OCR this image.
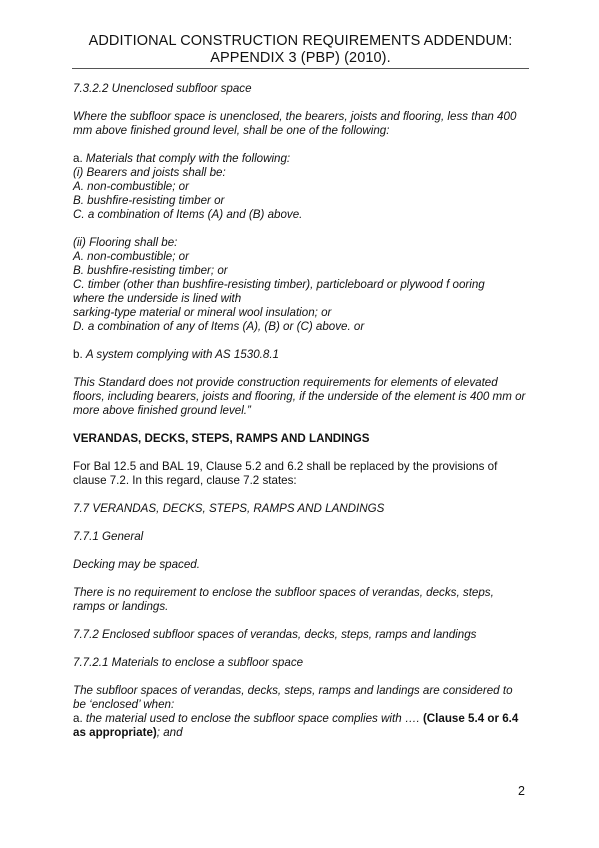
ADDITIONAL CONSTRUCTION REQUIREMENTS ADDENDUM:
APPENDIX 3 (PBP) (2010).

7.3.2.2 Unenclosed subfloor space

Where the subfloor space is unenclosed, the bearers, joists and flooring, less than 400 mm above finished ground level, shall be one of the following:

a. Materials that comply with the following:
(i) Bearers and joists shall be:
A. non-combustible; or
B. bushfire-resisting timber or
C. a combination of Items (A) and (B) above.
(ii) Flooring shall be:
A. non-combustible; or
B. bushfire-resisting timber; or
C. timber (other than bushfire-resisting timber), particleboard or plywood f ooring
where the underside is lined with
sarking-type material or mineral wool insulation; or
D. a combination of any of Items (A), (B) or (C) above. or

b. A system complying with AS 1530.8.1

This Standard does not provide construction requirements for elements of elevated floors, including bearers, joists and flooring, if the underside of the element is 400 mm or more above finished ground level.”

VERANDAS, DECKS, STEPS, RAMPS AND LANDINGS

For Bal 12.5 and BAL 19, Clause 5.2 and 6.2 shall be replaced by the provisions of clause 7.2. In this regard, clause 7.2 states:

7.7 VERANDAS, DECKS, STEPS, RAMPS AND LANDINGS

7.7.1 General

Decking may be spaced.

There is no requirement to enclose the subfloor spaces of verandas, decks, steps, ramps or landings.

7.7.2 Enclosed subfloor spaces of verandas, decks, steps, ramps and landings

7.7.2.1 Materials to enclose a subfloor space

The subfloor spaces of verandas, decks, steps, ramps and landings are considered to be ‘enclosed’ when:
a. the material used to enclose the subfloor space complies with …. (Clause 5.4 or 6.4 as appropriate); and
2
